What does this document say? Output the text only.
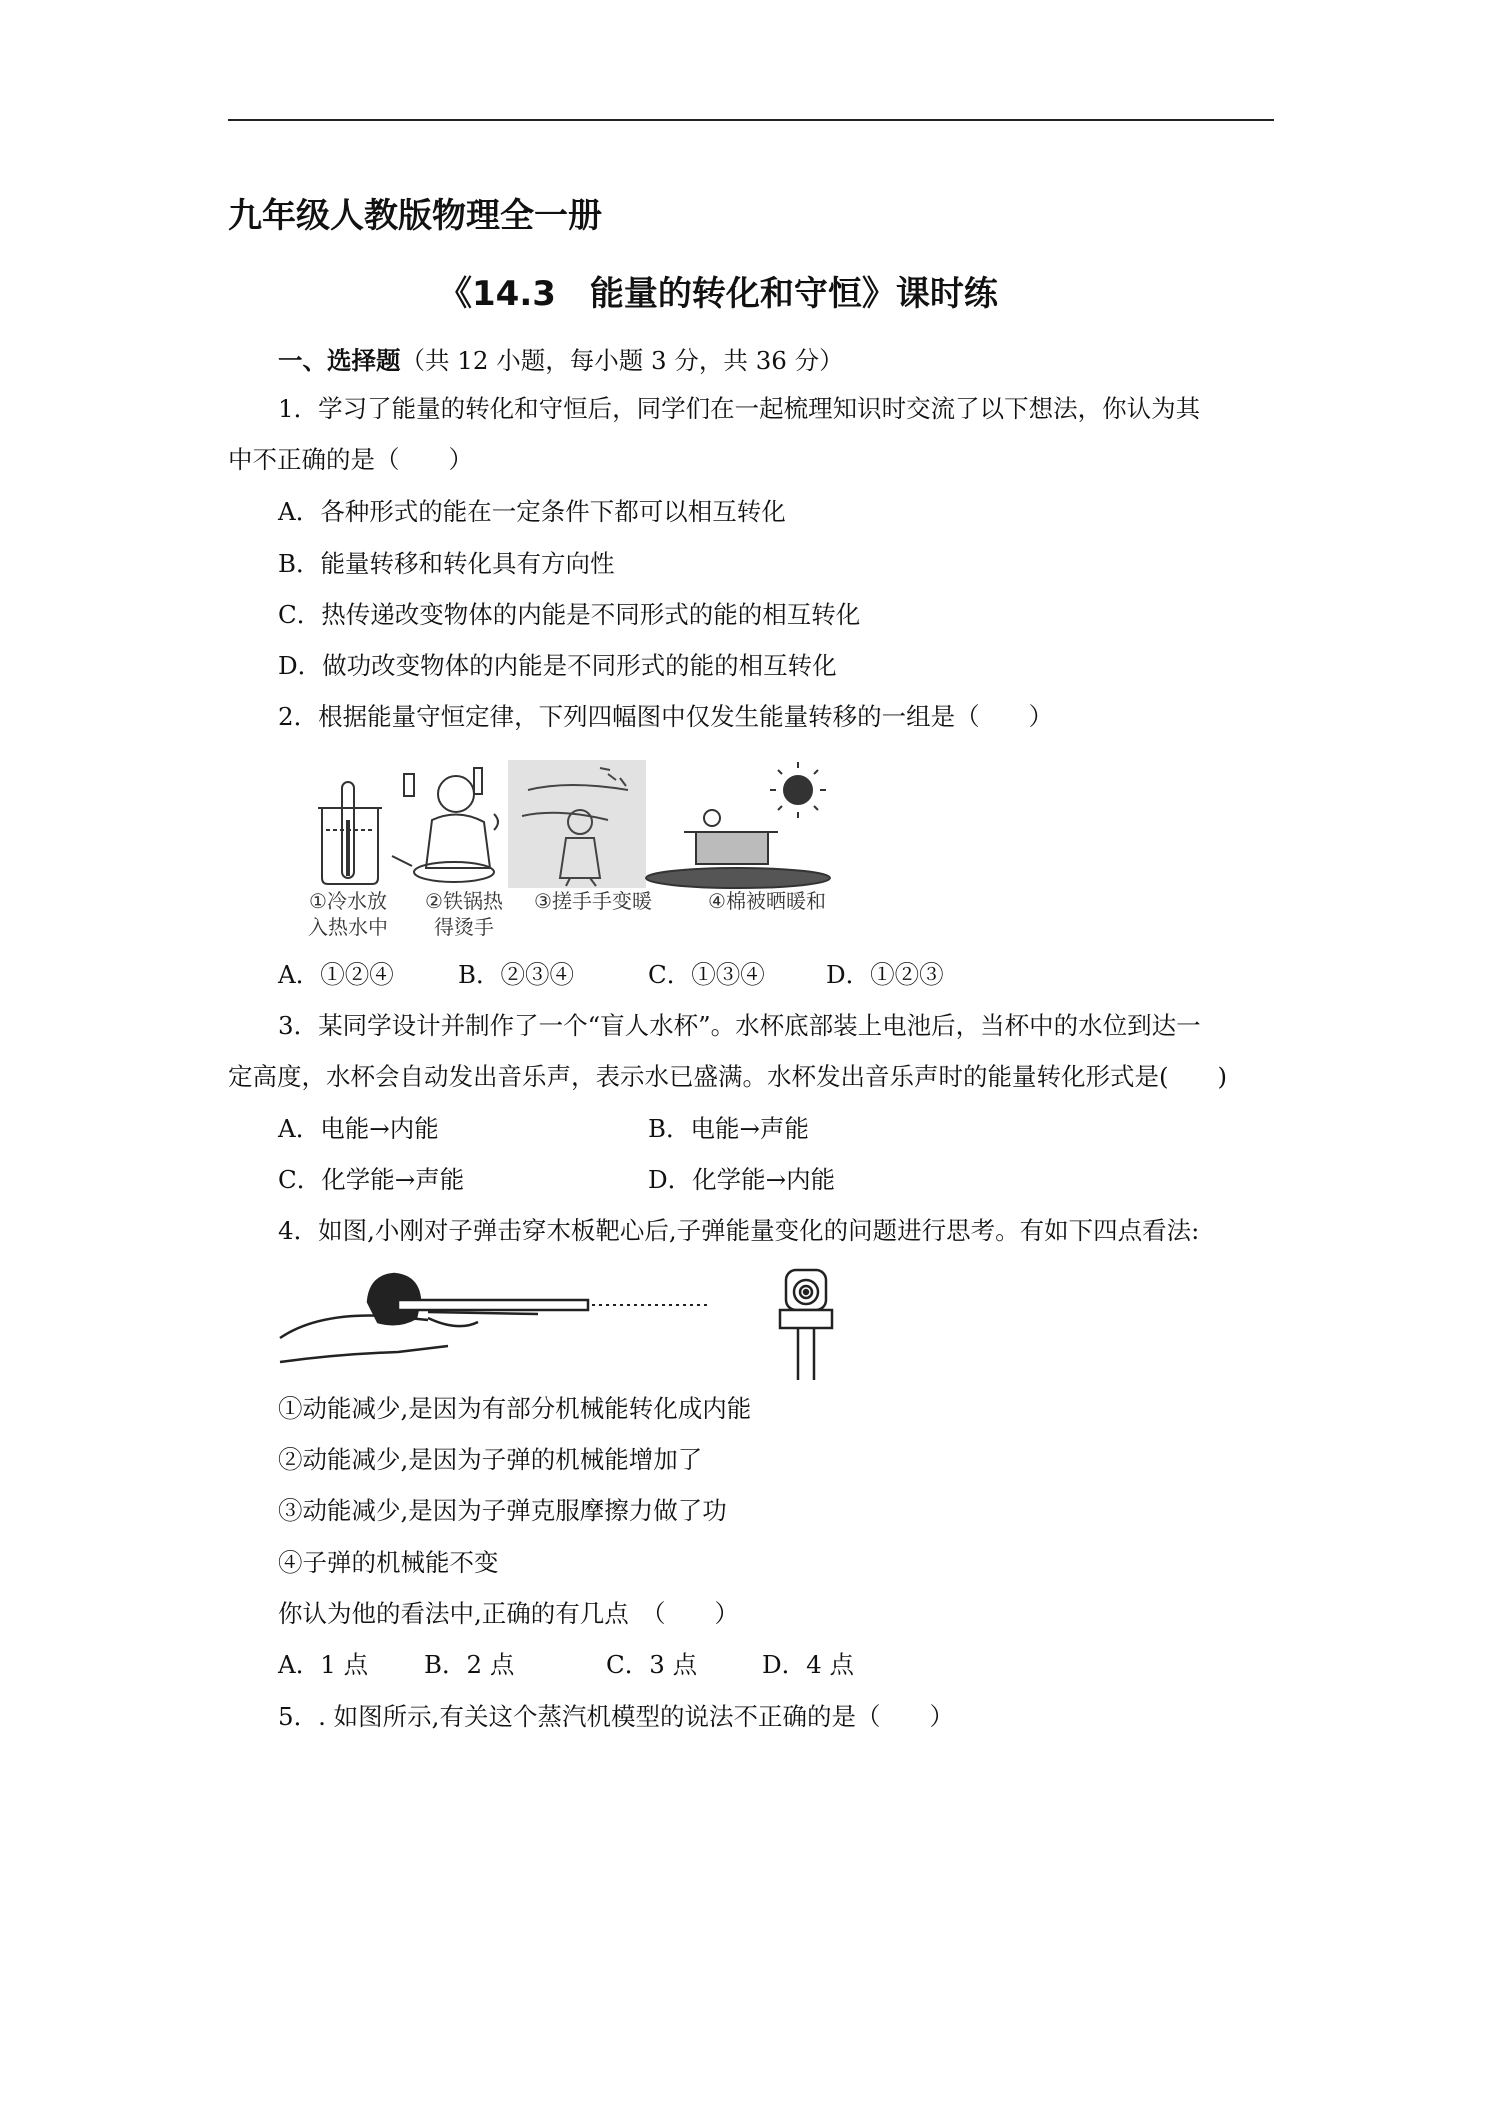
九年级人教版物理全一册
《14.3　能量的转化和守恒》课时练
一、选择题（共 12 小题，每小题 3 分，共 36 分）
1．学习了能量的转化和守恒后，同学们在一起梳理知识时交流了以下想法，你认为其
中不正确的是（　　）
A．各种形式的能在一定条件下都可以相互转化
B．能量转移和转化具有方向性
C．热传递改变物体的内能是不同形式的能的相互转化
D．做功改变物体的内能是不同形式的能的相互转化
2．根据能量守恒定律，下列四幅图中仅发生能量转移的一组是（　　）
①冷水放
入热水中
②铁锅热
得烫手
③搓手手变暖	④棉被晒暖和
A．①②④	B．②③④	C．①③④	D．①②③
3．某同学设计并制作了一个“盲人水杯”。水杯底部装上电池后，当杯中的水位到达一
定高度，水杯会自动发出音乐声，表示水已盛满。水杯发出音乐声时的能量转化形式是(　　)
A．电能→内能	B．电能→声能
C．化学能→声能	D．化学能→内能
4．如图,小刚对子弹击穿木板靶心后,子弹能量变化的问题进行思考。有如下四点看法:
①动能减少,是因为有部分机械能转化成内能
②动能减少,是因为子弹的机械能增加了
③动能减少,是因为子弹克服摩擦力做了功
④子弹的机械能不变
你认为他的看法中,正确的有几点　（　　）
A．1 点 B．2 点	C．3 点	D．4 点
5．. 如图所示,有关这个蒸汽机模型的说法不正确的是（　　）
